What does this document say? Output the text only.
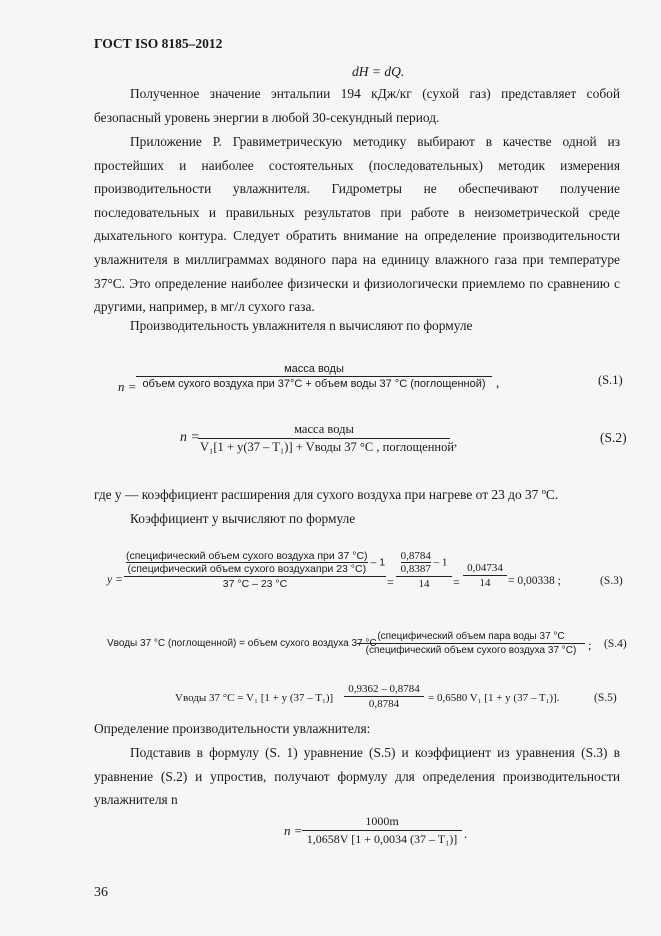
ГОСТ ISO 8185–2012
dH = dQ.
Полученное значение энтальпии 194 кДж/кг (сухой газ) представляет собой безопасный уровень энергии в любой 30-секундный период.
Приложение Р. Гравиметрическую методику выбирают в качестве одной из простейших и наиболее состоятельных (последовательных) методик измерения производительности увлажнителя. Гидрометры не обеспечивают получение последовательных и правильных результатов при работе в неизометрической среде дыхательного контура. Следует обратить внимание на определение производительности увлажнителя в миллиграммах водяного пара на единицу влажного газа при температуре 37°С. Это определение наиболее физически и физиологически приемлемо по сравнению с другими, например, в мг/л сухого газа.
Производительность увлажнителя n вычисляют по формуле
n =
масса воды
объем сухого воздуха при 37°С + объем воды 37 °С (поглощенной) ,	(S.1)
n =
масса воды
V₁[1 + y(37 – T₁)] + Vводы 37 °С , поглощенной ,	(S.2)
где y — коэффициент расширения для сухого воздуха при нагреве от 23 до 37 ºС.
Коэффициент y вычисляют по формуле
y =
(специфический объем сухого воздуха при 37 °С)
(специфический объем сухого воздухапри 23 °С)
– 1
37 °С – 23 °С	= $\frac{\frac{0,8784}{0,8387} - 1}{14} = \frac{0,04734}{14} = 0,00338$ ;	(S.3)
Vводы 37 °С (поглощенной) = объем сухого воздуха 37 °С ·
(специфический объем пара воды 37 °С
(специфический объем сухого воздуха 37 °С) ; (S.4)
Vводы 37 °С = V₁ [1 + y $(37 - T_1)] \frac{0,9362 - 0,8784}{0,8784} = 0,6580$ V₁ [1 + y (37 – T₁)].	(S.5)
Определение производительности увлажнителя:
Подставив в формулу (S. 1) уравнение (S.5) и коэффициент из уравнения (S.3) в уравнение (S.2) и упростив, получают формулу для определения производительности увлажнителя n
$n = \frac{1000m}{\text{1,0658V [1 + 0,0034 (37 – T₁)]}}$ .
36
